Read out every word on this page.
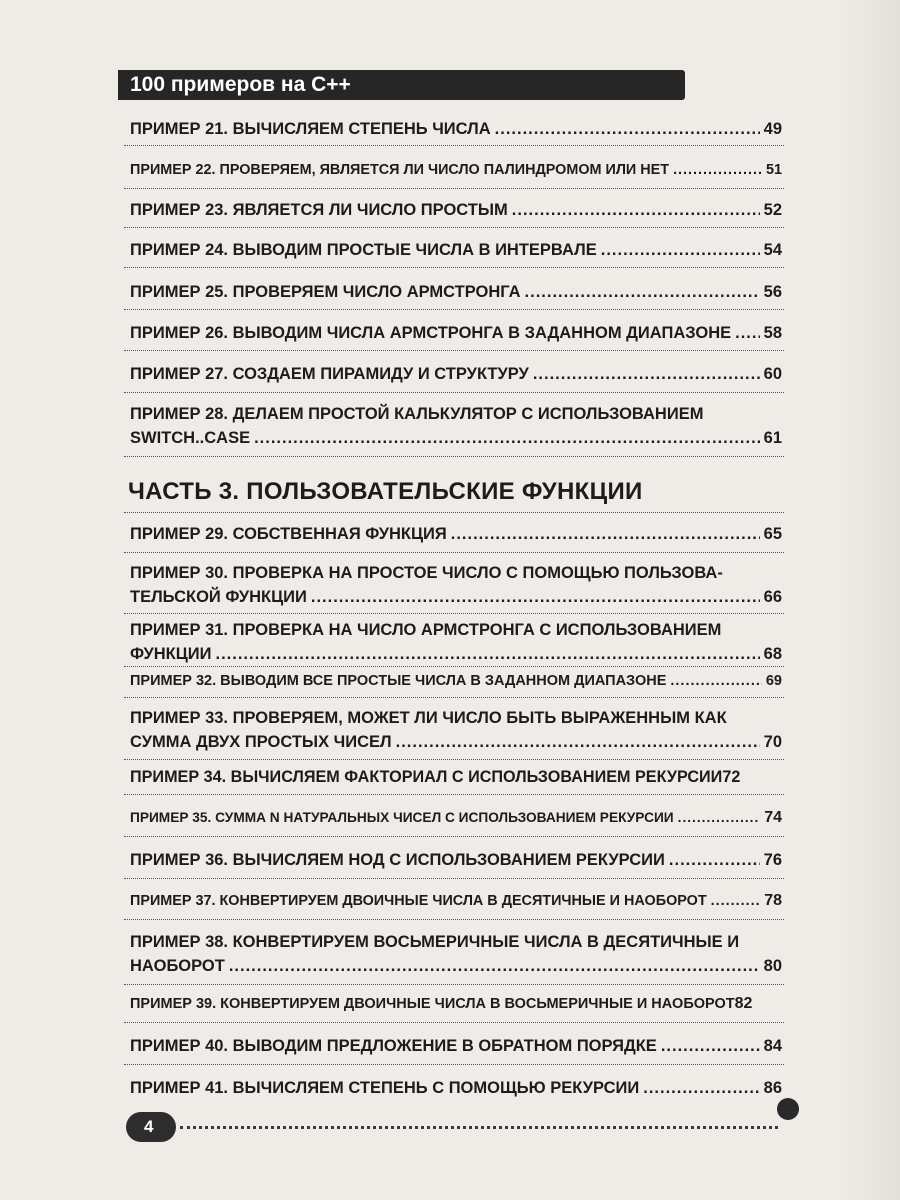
100 примеров на C++
ПРИМЕР 21. ВЫЧИСЛЯЕМ СТЕПЕНЬ ЧИСЛА .....	49
ПРИМЕР 22. ПРОВЕРЯЕМ, ЯВЛЯЕТСЯ ЛИ ЧИСЛО ПАЛИНДРОМОМ ИЛИ НЕТ .....	51
ПРИМЕР 23. ЯВЛЯЕТСЯ ЛИ ЧИСЛО ПРОСТЫМ .....	52
ПРИМЕР 24. ВЫВОДИМ ПРОСТЫЕ ЧИСЛА В ИНТЕРВАЛЕ .....	54
ПРИМЕР 25. ПРОВЕРЯЕМ ЧИСЛО АРМСТРОНГА .....	56
ПРИМЕР 26. ВЫВОДИМ ЧИСЛА АРМСТРОНГА В ЗАДАННОМ ДИАПАЗОНЕ ..... 58
ПРИМЕР 27. СОЗДАЕМ ПИРАМИДУ И СТРУКТУРУ .....	60
ПРИМЕР 28. ДЕЛАЕМ ПРОСТОЙ КАЛЬКУЛЯТОР С ИСПОЛЬЗОВАНИЕМ
SWITCH..CASE .....	61
ЧАСТЬ 3. ПОЛЬЗОВАТЕЛЬСКИЕ ФУНКЦИИ
ПРИМЕР 29. СОБСТВЕННАЯ ФУНКЦИЯ .....	65
ПРИМЕР 30. ПРОВЕРКА НА ПРОСТОЕ ЧИСЛО С ПОМОЩЬЮ ПОЛЬЗОВА-
ТЕЛЬСКОЙ ФУНКЦИИ .....	66
ПРИМЕР 31. ПРОВЕРКА НА ЧИСЛО АРМСТРОНГА С ИСПОЛЬЗОВАНИЕМ
ФУНКЦИИ .....	68
ПРИМЕР 32. ВЫВОДИМ ВСЕ ПРОСТЫЕ ЧИСЛА В ЗАДАННОМ ДИАПАЗОНЕ .....	69
ПРИМЕР 33. ПРОВЕРЯЕМ, МОЖЕТ ЛИ ЧИСЛО БЫТЬ ВЫРАЖЕННЫМ КАК
СУММА ДВУХ ПРОСТЫХ ЧИСЕЛ .....	70
ПРИМЕР 34. ВЫЧИСЛЯЕМ ФАКТОРИАЛ С ИСПОЛЬЗОВАНИЕМ РЕКУРСИИ 72
ПРИМЕР 35. СУММА N НАТУРАЛЬНЫХ ЧИСЕЛ С ИСПОЛЬЗОВАНИЕМ РЕКУРСИИ .....	74
ПРИМЕР 36. ВЫЧИСЛЯЕМ НОД С ИСПОЛЬЗОВАНИЕМ РЕКУРСИИ .....	76
ПРИМЕР 37. КОНВЕРТИРУЕМ ДВОИЧНЫЕ ЧИСЛА В ДЕСЯТИЧНЫЕ И НАОБОРОТ .....	78
ПРИМЕР 38. КОНВЕРТИРУЕМ ВОСЬМЕРИЧНЫЕ ЧИСЛА В ДЕСЯТИЧНЫЕ И
НАОБОРОТ .....	80
ПРИМЕР 39. КОНВЕРТИРУЕМ ДВОИЧНЫЕ ЧИСЛА В ВОСЬМЕРИЧНЫЕ И НАОБОРОТ 82
ПРИМЕР 40. ВЫВОДИМ ПРЕДЛОЖЕНИЕ В ОБРАТНОМ ПОРЯДКЕ .....	84
ПРИМЕР 41. ВЫЧИСЛЯЕМ СТЕПЕНЬ С ПОМОЩЬЮ РЕКУРСИИ .....	86
4
